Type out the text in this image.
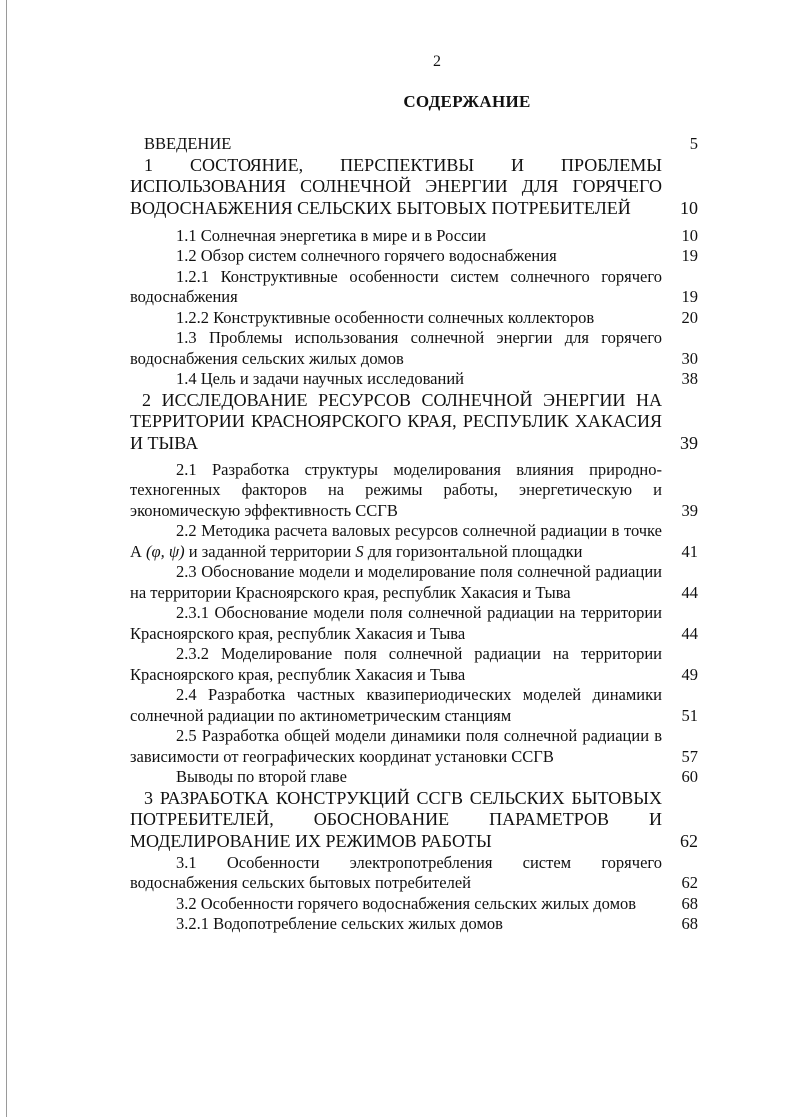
2
СОДЕРЖАНИЕ
ВВЕДЕНИЕ	5
1 СОСТОЯНИЕ, ПЕРСПЕКТИВЫ И ПРОБЛЕМЫ ИСПОЛЬЗОВАНИЯ СОЛНЕЧНОЙ ЭНЕРГИИ ДЛЯ ГОРЯЧЕГО ВОДОСНАБЖЕНИЯ СЕЛЬСКИХ БЫТОВЫХ ПОТРЕБИТЕЛЕЙ	10
1.1 Солнечная энергетика в мире и в России	10
1.2 Обзор систем солнечного горячего водоснабжения	19
1.2.1 Конструктивные особенности систем солнечного горячего водоснабжения	19
1.2.2 Конструктивные особенности солнечных коллекторов	20
1.3 Проблемы использования солнечной энергии для горячего водоснабжения сельских жилых домов	30
1.4 Цель и задачи научных исследований	38
2 ИССЛЕДОВАНИЕ РЕСУРСОВ СОЛНЕЧНОЙ ЭНЕРГИИ НА ТЕРРИТОРИИ КРАСНОЯРСКОГО КРАЯ, РЕСПУБЛИК ХАКАСИЯ И ТЫВА	39
2.1 Разработка структуры моделирования влияния природно-техногенных факторов на режимы работы, энергетическую и экономическую эффективность ССГВ	39
2.2 Методика расчета валовых ресурсов солнечной радиации в точке А (φ, ψ) и заданной территории S для горизонтальной площадки	41
2.3 Обоснование модели и моделирование поля солнечной радиации на территории Красноярского края, республик Хакасия и Тыва	44
2.3.1 Обоснование модели поля солнечной радиации на территории Красноярского края, республик Хакасия и Тыва	44
2.3.2 Моделирование поля солнечной радиации на территории Красноярского края, республик Хакасия и Тыва	49
2.4 Разработка частных квазипериодических моделей динамики солнечной радиации по актинометрическим станциям	51
2.5 Разработка общей модели динамики поля солнечной радиации в зависимости от географических координат установки ССГВ	57
Выводы по второй главе	60
3 РАЗРАБОТКА КОНСТРУКЦИЙ ССГВ СЕЛЬСКИХ БЫТОВЫХ ПОТРЕБИТЕЛЕЙ, ОБОСНОВАНИЕ ПАРАМЕТРОВ И МОДЕЛИРОВАНИЕ ИХ РЕЖИМОВ РАБОТЫ	62
3.1 Особенности электропотребления систем горячего водоснабжения сельских бытовых потребителей	62
3.2 Особенности горячего водоснабжения сельских жилых домов	68
3.2.1 Водопотребление сельских жилых домов	68
